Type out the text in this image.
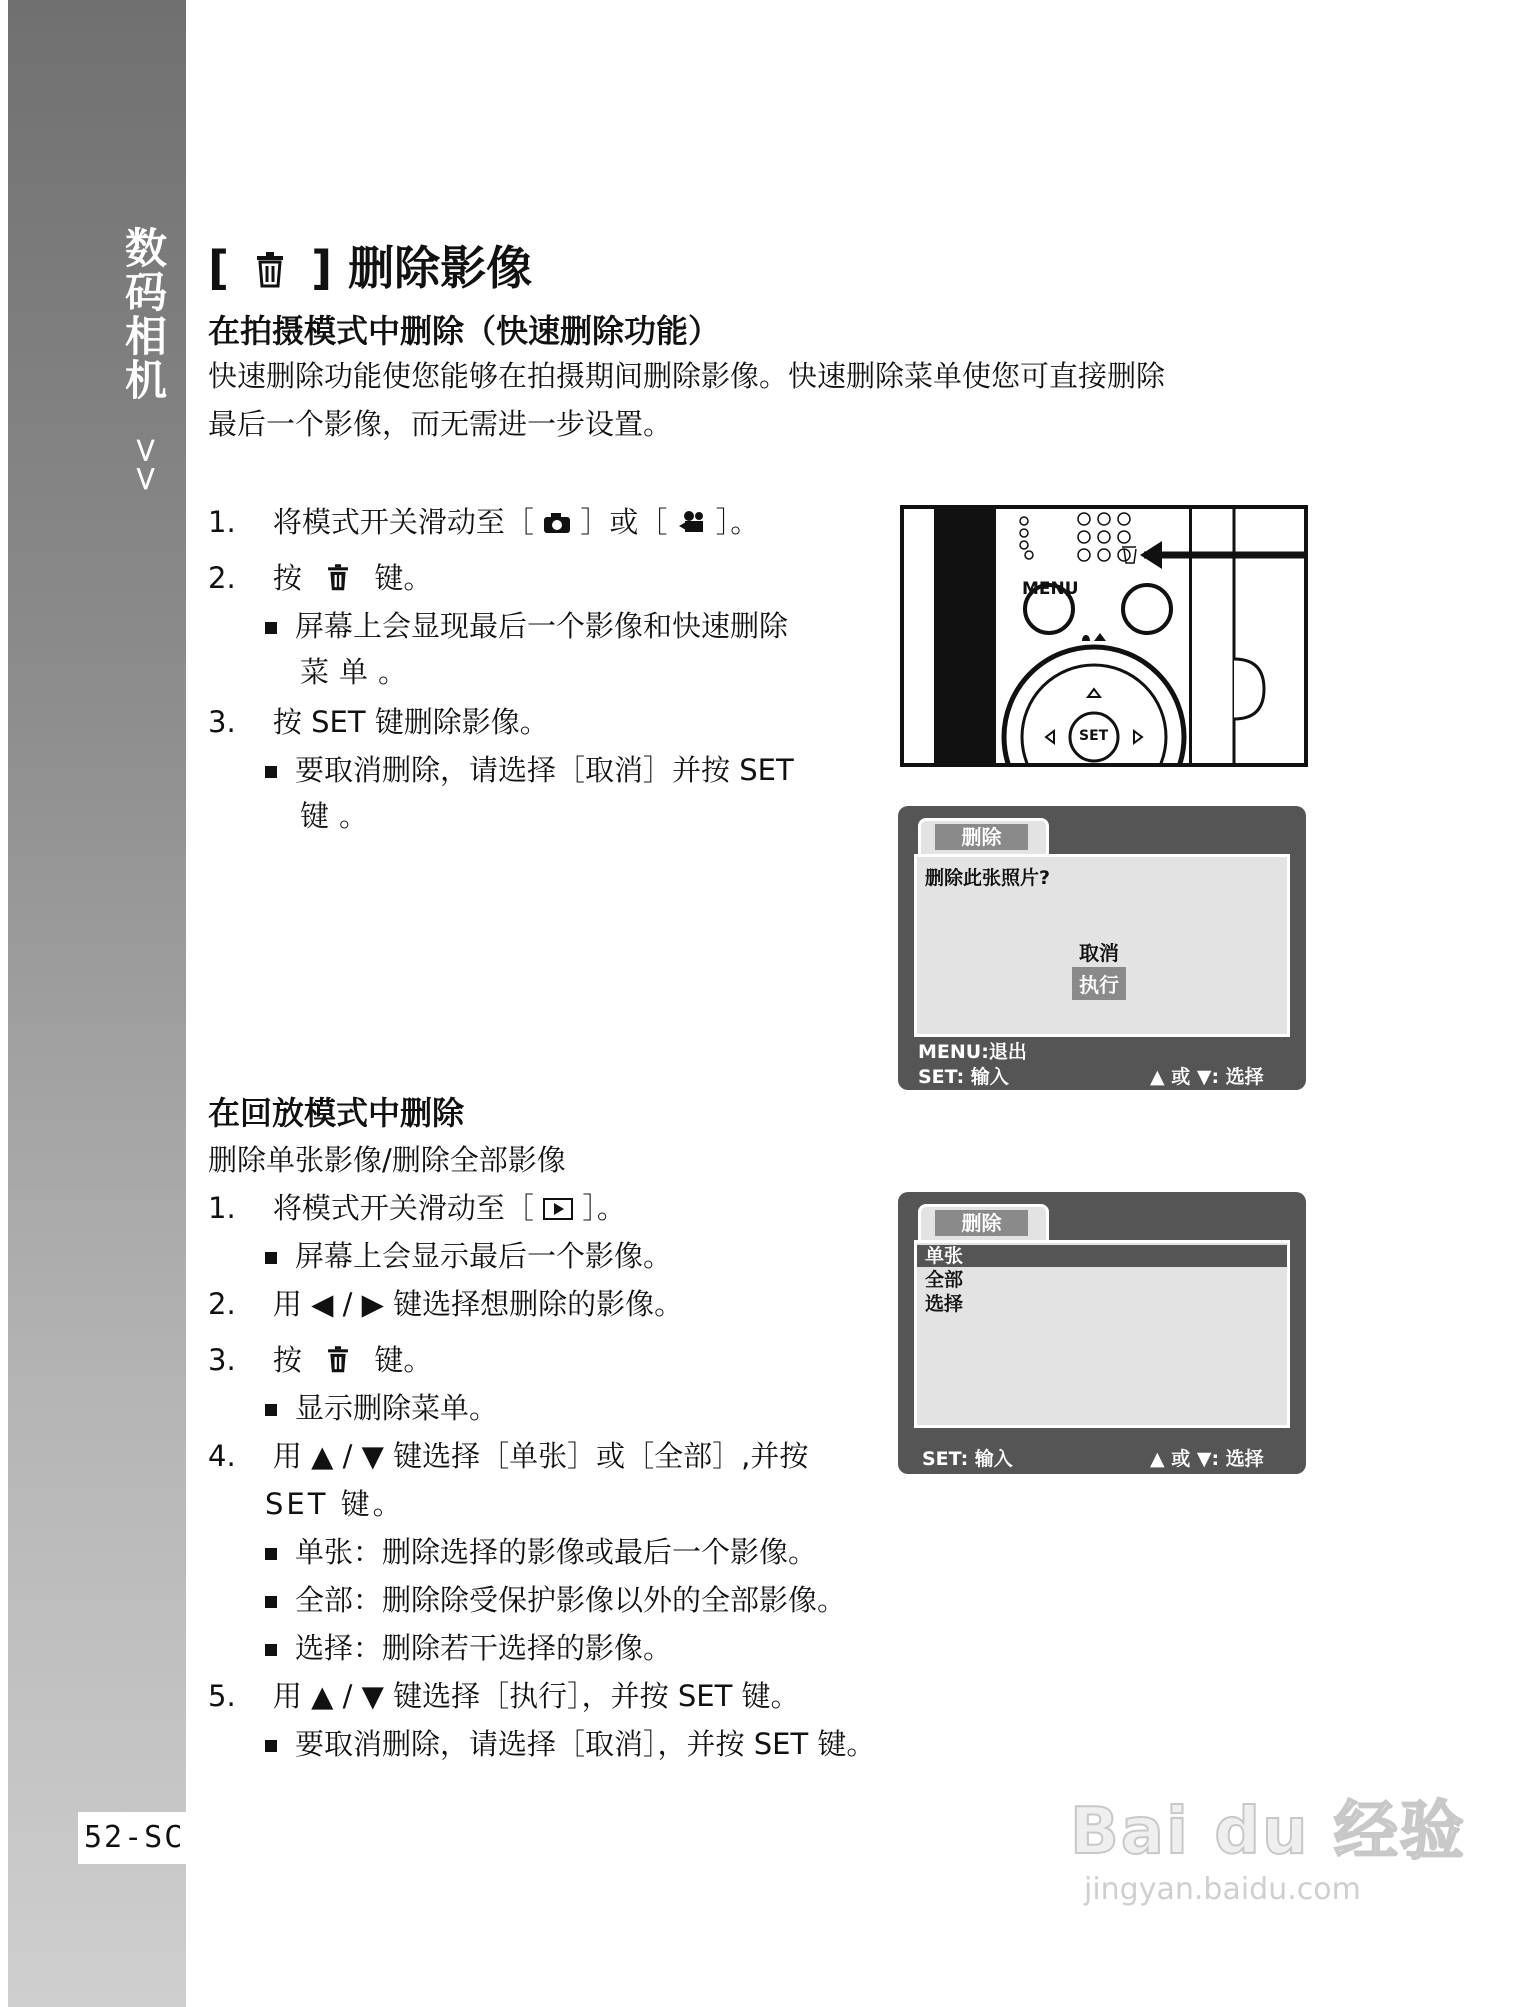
数码相机
>>
52-SC
[ ] 删除影像
在拍摄模式中删除（快速删除功能）
快速删除功能使您能够在拍摄期间删除影像。快速删除菜单使您可直接删除
最后一个影像，而无需进一步设置。
1. 将模式开关滑动至［ ］或［ ］。
2. 按 键。
屏幕上会显现最后一个影像和快速删除
菜单。
3. 按 SET 键删除影像。
要取消删除，请选择［取消］并按 SET
键。
MENU
SET
删除
删除此张照片?
取消
执行
MENU:退出
SET: 输入	▲ 或 ▼: 选择
在回放模式中删除
删除单张影像/删除全部影像
1. 将模式开关滑动至［ ］。
屏幕上会显示最后一个影像。
2. 用 ◀ / ▶ 键选择想删除的影像。
3. 按 键。
显示删除菜单。
4. 用 ▲ / ▼ 键选择［单张］或［全部］,并按
SET 键。
单张：删除选择的影像或最后一个影像。
全部：删除除受保护影像以外的全部影像。
选择：删除若干选择的影像。
5. 用 ▲ / ▼ 键选择［执行］，并按 SET 键。
要取消删除，请选择［取消］，并按 SET 键。
删除
单张
全部
选择
SET: 输入	▲ 或 ▼: 选择
Bai du 经验
jingyan.baidu.com
